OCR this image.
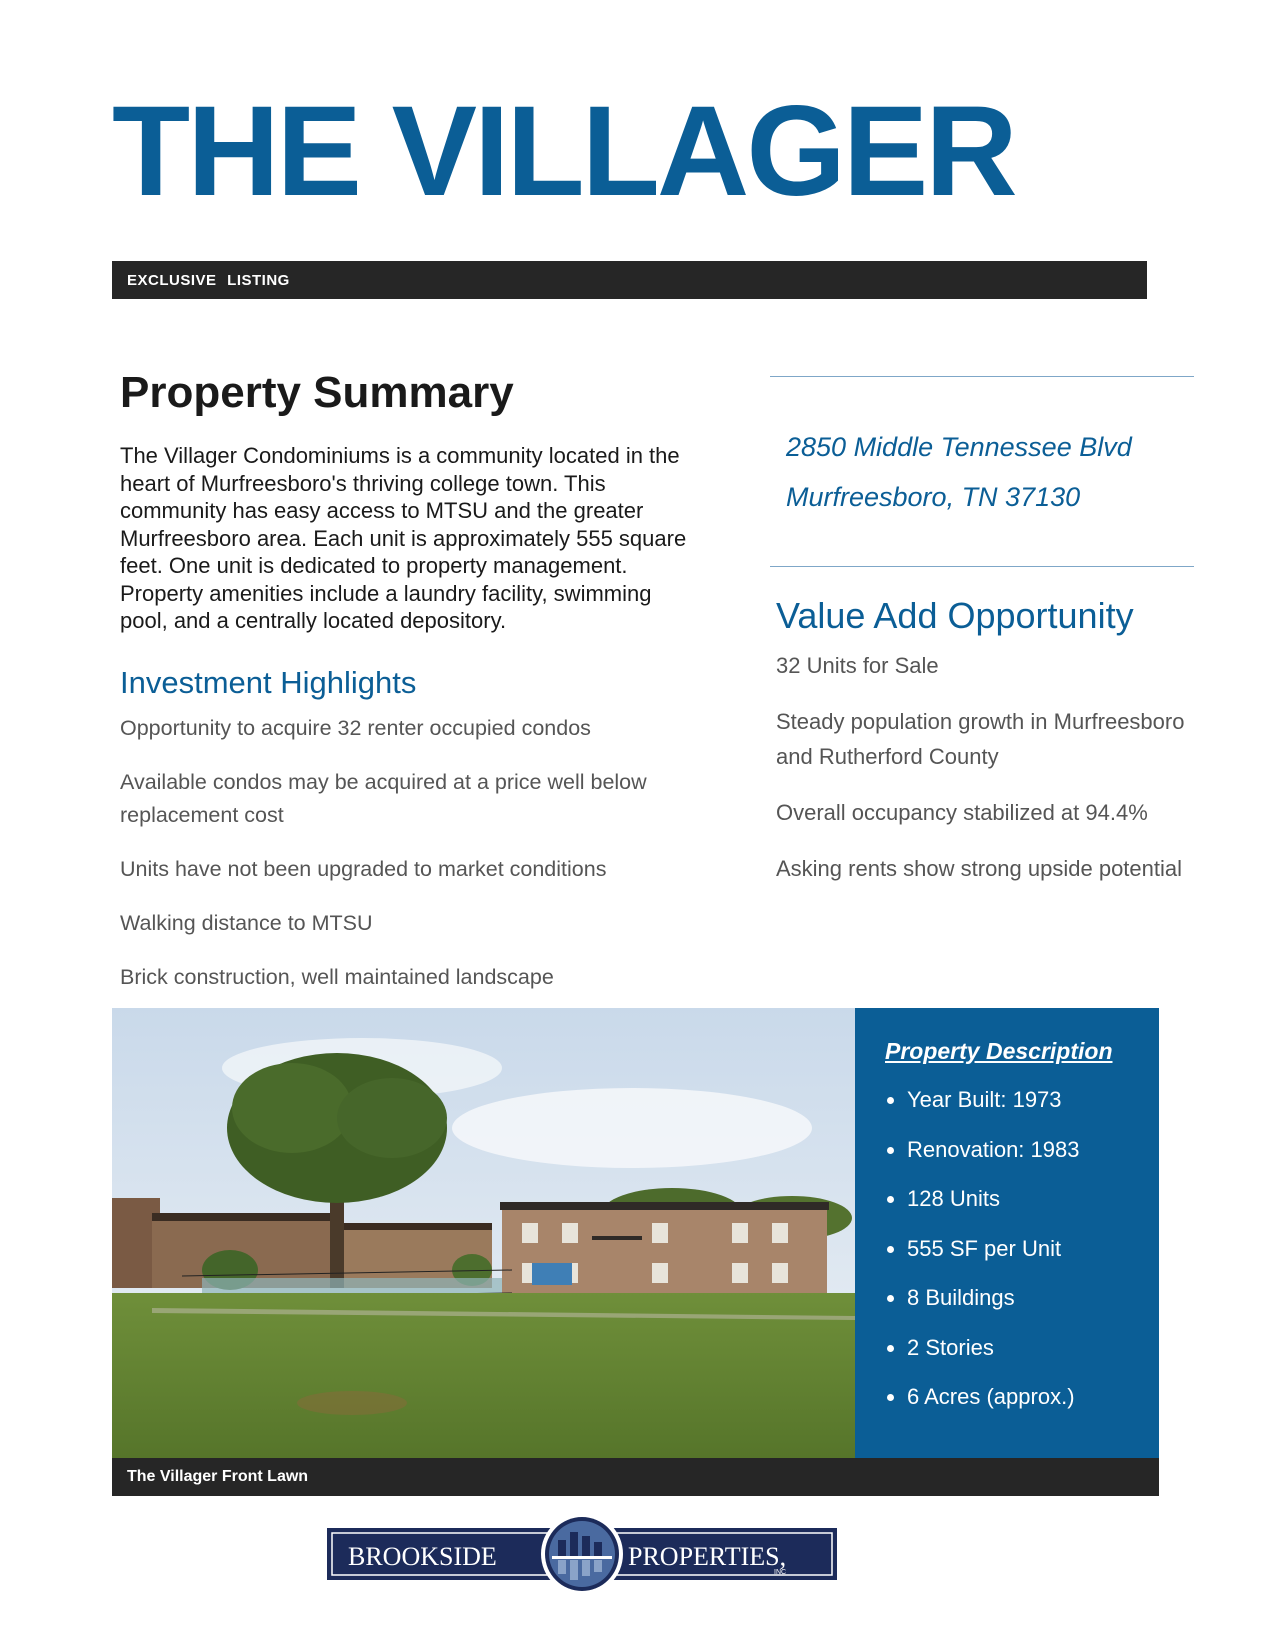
THE VILLAGER
EXCLUSIVE LISTING
Property Summary
The Villager Condominiums is a community located in the heart of Murfreesboro's thriving college town. This community has easy access to MTSU and the greater Murfreesboro area. Each unit is approximately 555 square feet. One unit is dedicated to property management. Property amenities include a laundry facility, swimming pool, and a centrally located depository.
Investment Highlights
Opportunity to acquire 32 renter occupied condos
Available condos may be acquired at a price well below replacement cost
Units have not been upgraded to market conditions
Walking distance to MTSU
Brick construction, well maintained landscape
2850 Middle Tennessee Blvd
Murfreesboro, TN 37130
Value Add Opportunity
32 Units for Sale
Steady population growth in Murfreesboro and Rutherford County
Overall occupancy stabilized at 94.4%
Asking rents show strong upside potential
Property Description
• Year Built: 1973
• Renovation: 1983
• 128 Units
• 555 SF per Unit
• 8 Buildings
• 2 Stories
• 6 Acres (approx.)
The Villager Front Lawn
BROOKSIDE	PROPERTIES,
INC
